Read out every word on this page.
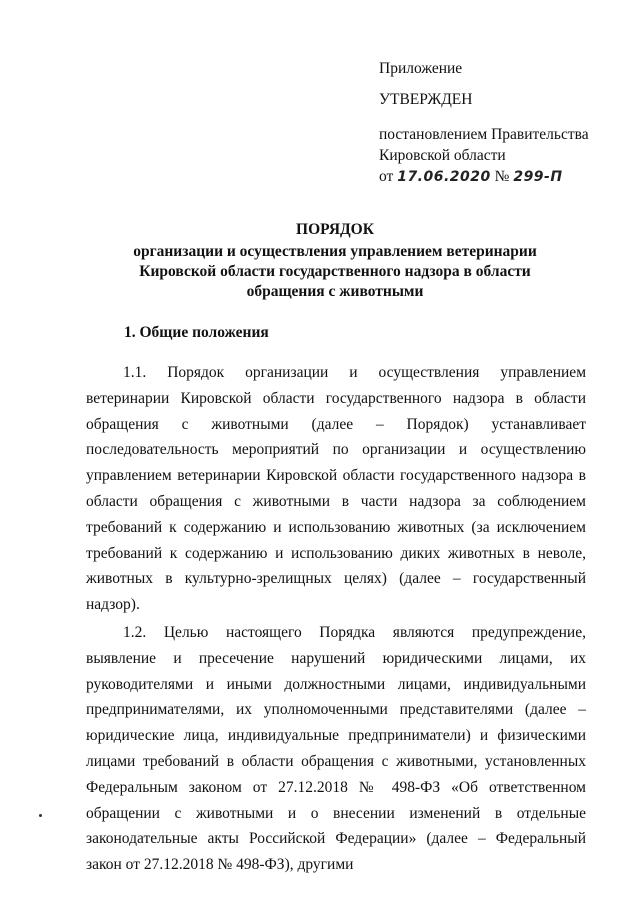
Приложение
УТВЕРЖДЕН
постановлением Правительства
Кировской области
от 17.06.2020 № 299-П
ПОРЯДОК
организации и осуществления управлением ветеринарии
Кировской области государственного надзора в области
обращения с животными
1. Общие положения

1.1. Порядок организации и осуществления управлением ветеринарии Кировской области государственного надзора в области обращения с животными (далее – Порядок) устанавливает последовательность мероприятий по организации и осуществлению управлением ветеринарии Кировской области государственного надзора в области обращения с животными в части надзора за соблюдением требований к содержанию и использованию животных (за исключением требований к содержанию и использованию диких животных в неволе, животных в культурно-зрелищных целях) (далее – государственный надзор).

1.2. Целью настоящего Порядка являются предупреждение, выявление и пресечение нарушений юридическими лицами, их руководителями и иными должностными лицами, индивидуальными предпринимателями, их уполномоченными представителями (далее – юридические лица, индивидуальные предприниматели) и физическими лицами требований в области обращения с животными, установленных Федеральным законом от 27.12.2018 № 498-ФЗ «Об ответственном обращении с животными и о внесении изменений в отдельные законодательные акты Российской Федерации» (далее – Федеральный закон от 27.12.2018 № 498-ФЗ), другими
